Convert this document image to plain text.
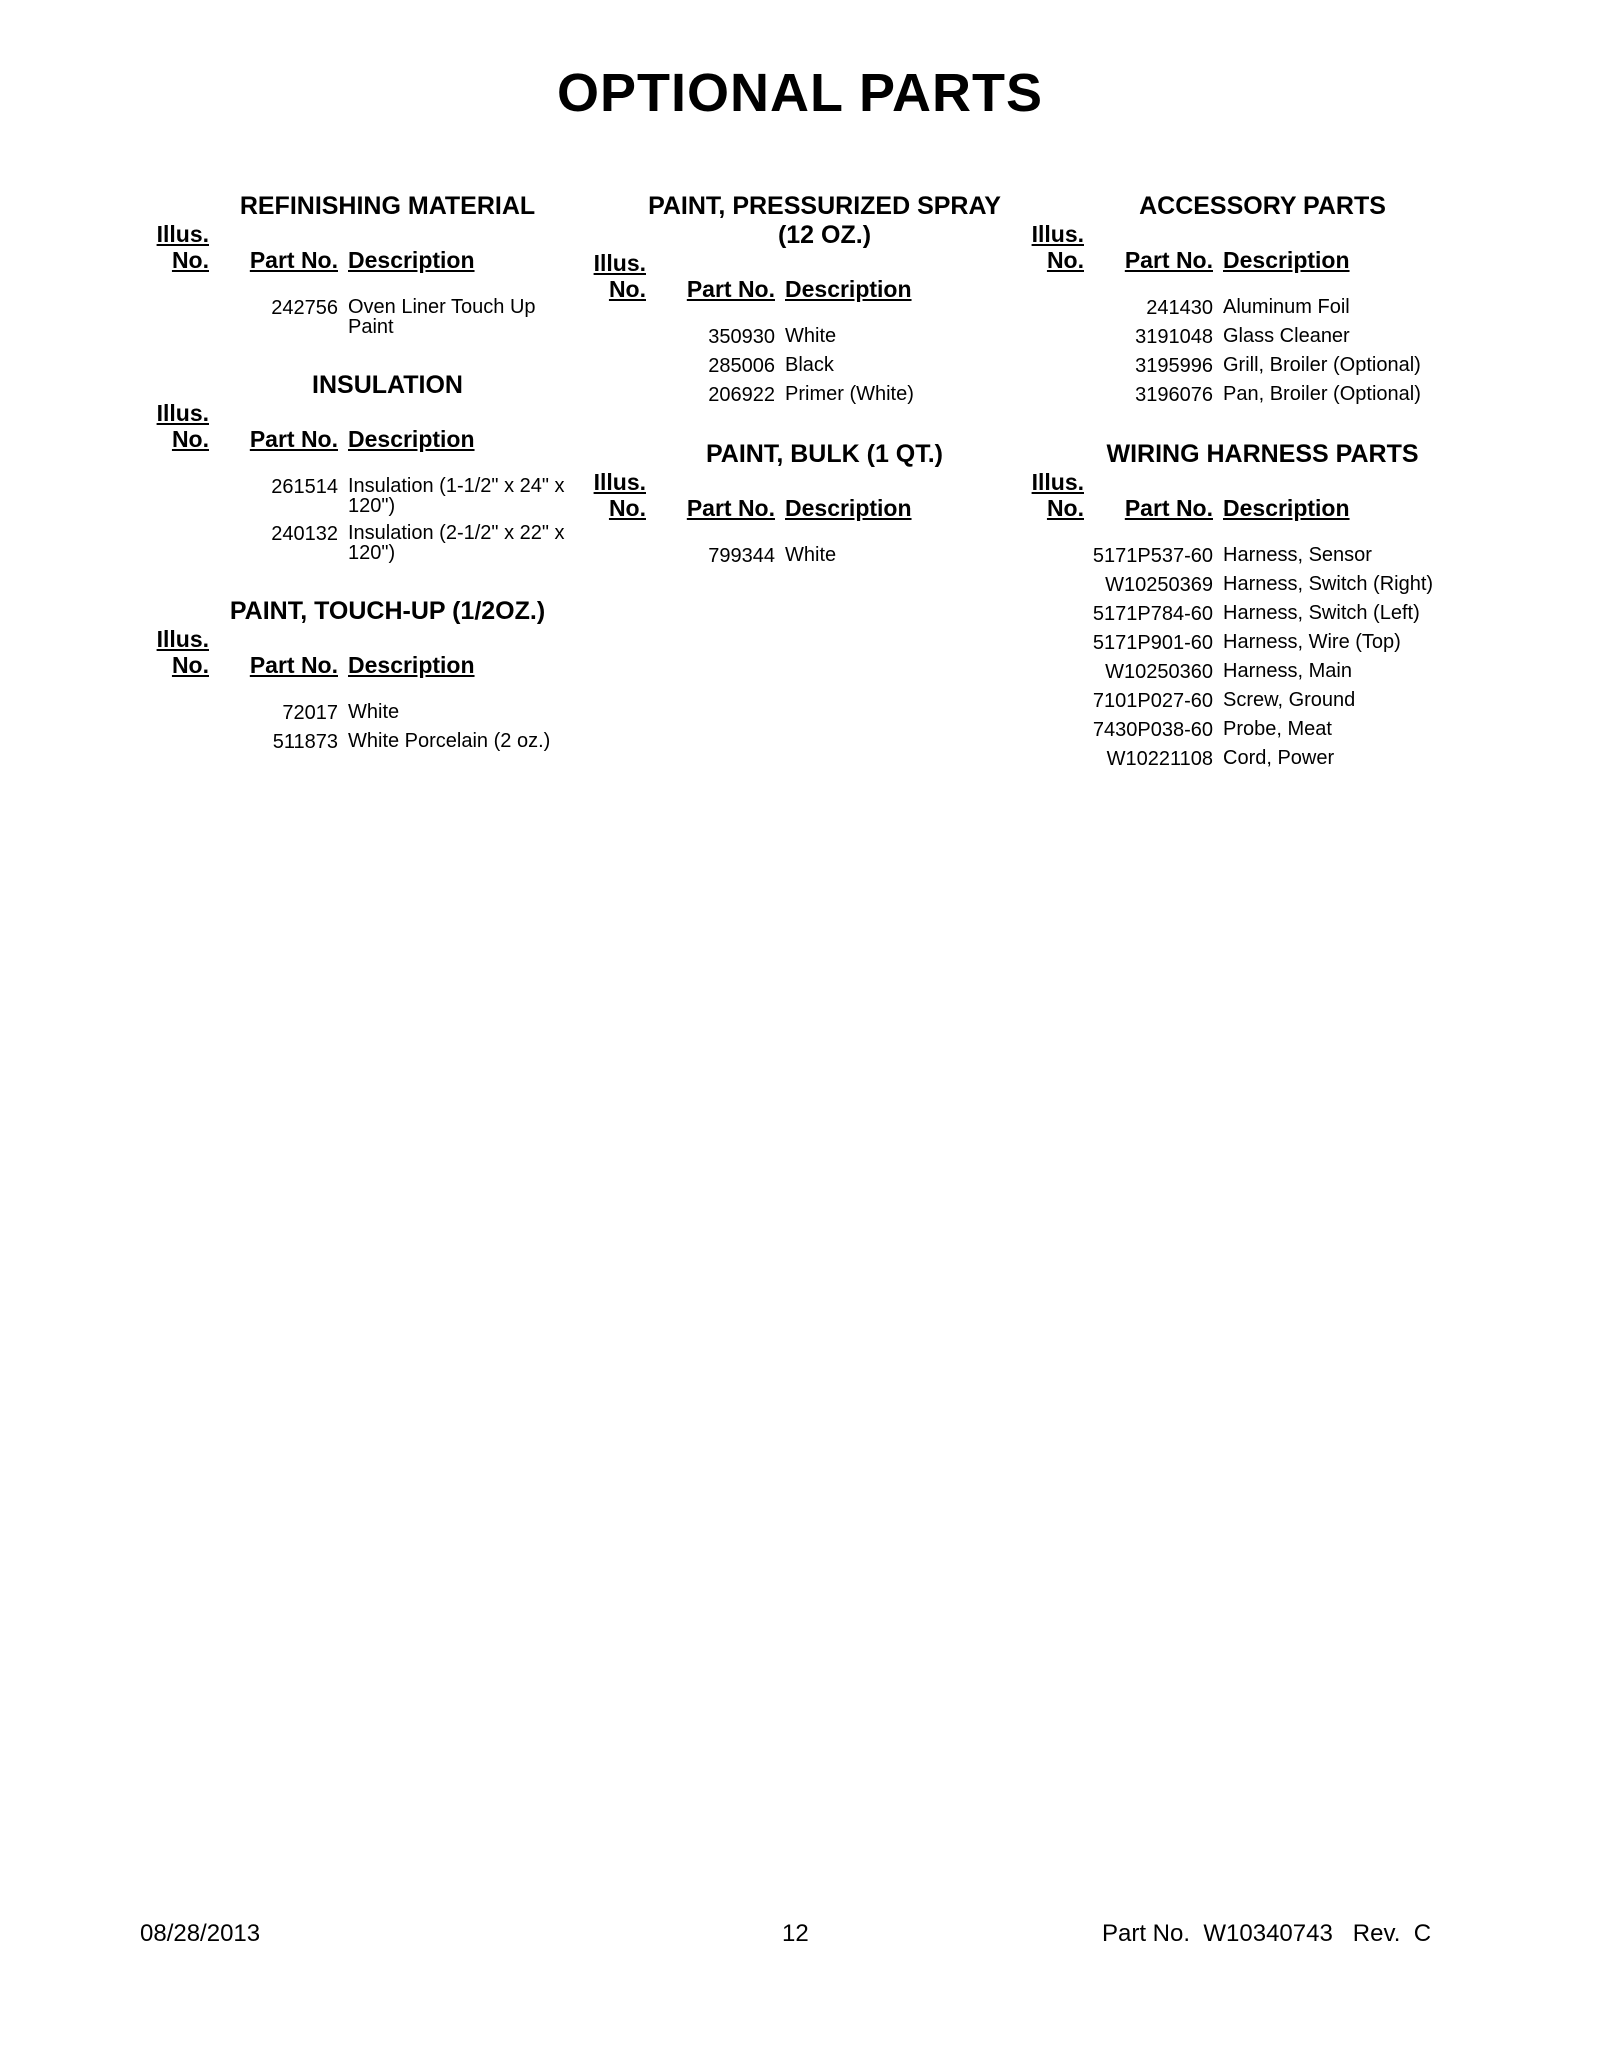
OPTIONAL PARTS
REFINISHING MATERIAL
Illus.
No. Part No. Description
242756 Oven Liner Touch Up Paint
INSULATION
Illus.
No. Part No. Description
261514 Insulation (1-1/2" x 24" x 120")
240132 Insulation (2-1/2" x 22" x 120")
PAINT, TOUCH-UP (1/2OZ.)
Illus.
No. Part No. Description
72017 White
511873 White Porcelain (2 oz.)
PAINT, PRESSURIZED SPRAY (12 OZ.)
Illus.
No. Part No. Description
350930 White
285006 Black
206922 Primer (White)
PAINT, BULK (1 QT.)
Illus.
No. Part No. Description
799344 White
ACCESSORY PARTS
Illus.
No. Part No. Description
241430 Aluminum Foil
3191048 Glass Cleaner
3195996 Grill, Broiler (Optional)
3196076 Pan, Broiler (Optional)
WIRING HARNESS PARTS
Illus.
No. Part No. Description
5171P537-60 Harness, Sensor
W10250369 Harness, Switch (Right)
5171P784-60 Harness, Switch (Left)
5171P901-60 Harness, Wire (Top)
W10250360 Harness, Main
7101P027-60 Screw, Ground
7430P038-60 Probe, Meat
W10221108 Cord, Power
08/28/2013	12	Part No.  W10340743   Rev.  C
